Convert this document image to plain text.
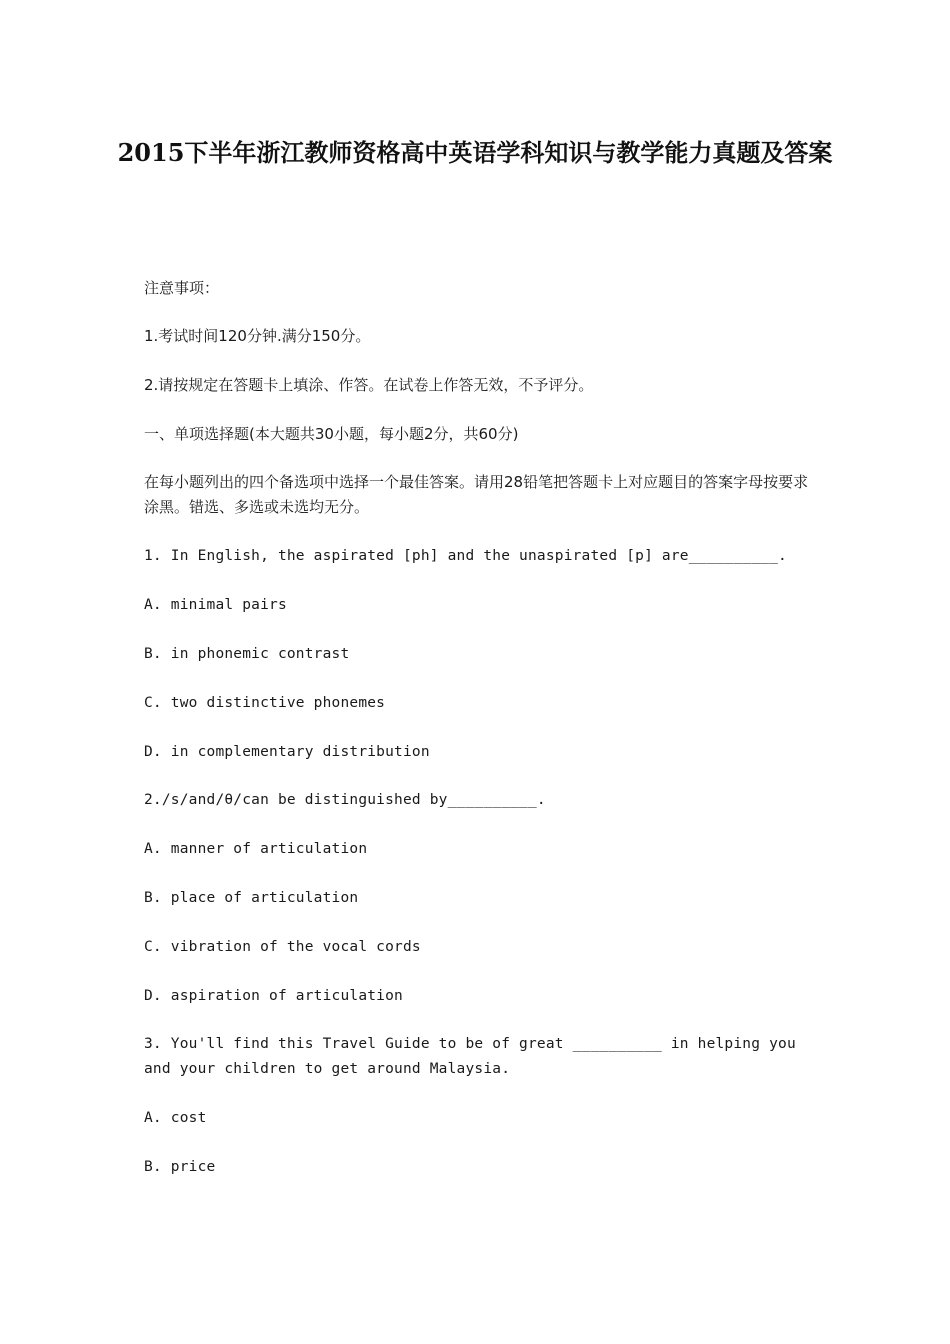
2015下半年浙江教师资格高中英语学科知识与教学能力真题及答案

注意事项：

1.考试时间120分钟.满分150分。

2.请按规定在答题卡上填涂、作答。在试卷上作答无效，不予评分。

一、单项选择题(本大题共30小题，每小题2分，共60分)

在每小题列出的四个备选项中选择一个最佳答案。请用28铅笔把答题卡上对应题目的答案字母按要求涂黑。错选、多选或未选均无分。

1. In English, the aspirated [ph] and the unaspirated [p] are__________.

A. minimal pairs

B. in phonemic contrast

C. two distinctive phonemes

D. in complementary distribution

2./s/and/θ/can be distinguished by__________.

A. manner of articulation

B. place of articulation

C. vibration of the vocal cords

D. aspiration of articulation

3. You'll find this Travel Guide to be of great __________ in helping you and your children to get around Malaysia.

A. cost

B. price
